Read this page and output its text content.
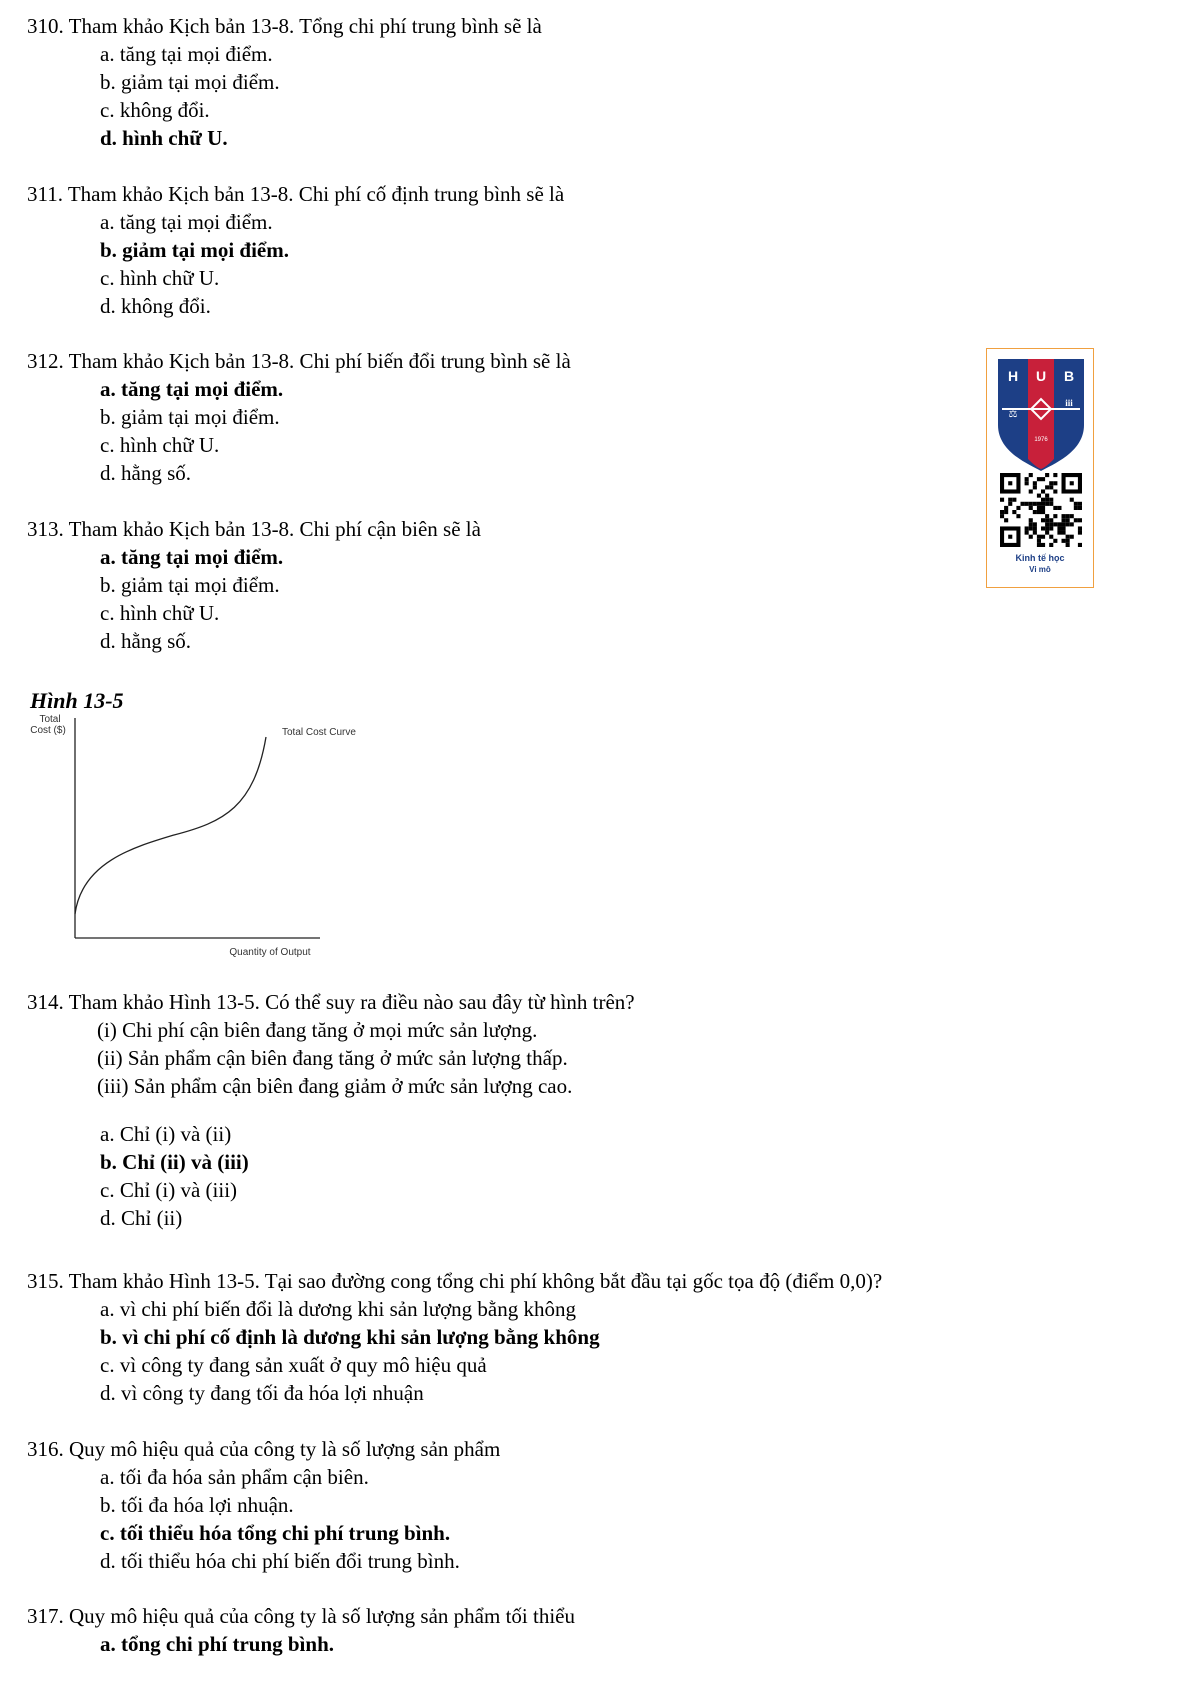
310. Tham khảo Kịch bản 13-8. Tổng chi phí trung bình sẽ là
a. tăng tại mọi điểm.
b. giảm tại mọi điểm.
c. không đổi.
d. hình chữ U.
311. Tham khảo Kịch bản 13-8. Chi phí cố định trung bình sẽ là
a. tăng tại mọi điểm.
b. giảm tại mọi điểm.
c. hình chữ U.
d. không đổi.
312. Tham khảo Kịch bản 13-8. Chi phí biến đổi trung bình sẽ là
a. tăng tại mọi điểm.
b. giảm tại mọi điểm.
c. hình chữ U.
d. hằng số.
313. Tham khảo Kịch bản 13-8. Chi phí cận biên sẽ là
a. tăng tại mọi điểm.
b. giảm tại mọi điểm.
c. hình chữ U.
d. hằng số.
Hình 13-5
Total
Cost ($)	Total Cost Curve
Quantity of Output
314. Tham khảo Hình 13-5. Có thể suy ra điều nào sau đây từ hình trên?
(i) Chi phí cận biên đang tăng ở mọi mức sản lượng.
(ii) Sản phẩm cận biên đang tăng ở mức sản lượng thấp.
(iii) Sản phẩm cận biên đang giảm ở mức sản lượng cao.
a. Chỉ (i) và (ii)
b. Chỉ (ii) và (iii)
c. Chỉ (i) và (iii)
d. Chỉ (ii)
315. Tham khảo Hình 13-5. Tại sao đường cong tổng chi phí không bắt đầu tại gốc tọa độ (điểm 0,0)?
a. vì chi phí biến đổi là dương khi sản lượng bằng không
b. vì chi phí cố định là dương khi sản lượng bằng không
c. vì công ty đang sản xuất ở quy mô hiệu quả
d. vì công ty đang tối đa hóa lợi nhuận
316. Quy mô hiệu quả của công ty là số lượng sản phẩm
a. tối đa hóa sản phẩm cận biên.
b. tối đa hóa lợi nhuận.
c. tối thiểu hóa tổng chi phí trung bình.
d. tối thiểu hóa chi phí biến đổi trung bình.
317. Quy mô hiệu quả của công ty là số lượng sản phẩm tối thiểu
a. tổng chi phí trung bình.
H U B
⚖
iii
1976
Kinh tế học
Vi mô
